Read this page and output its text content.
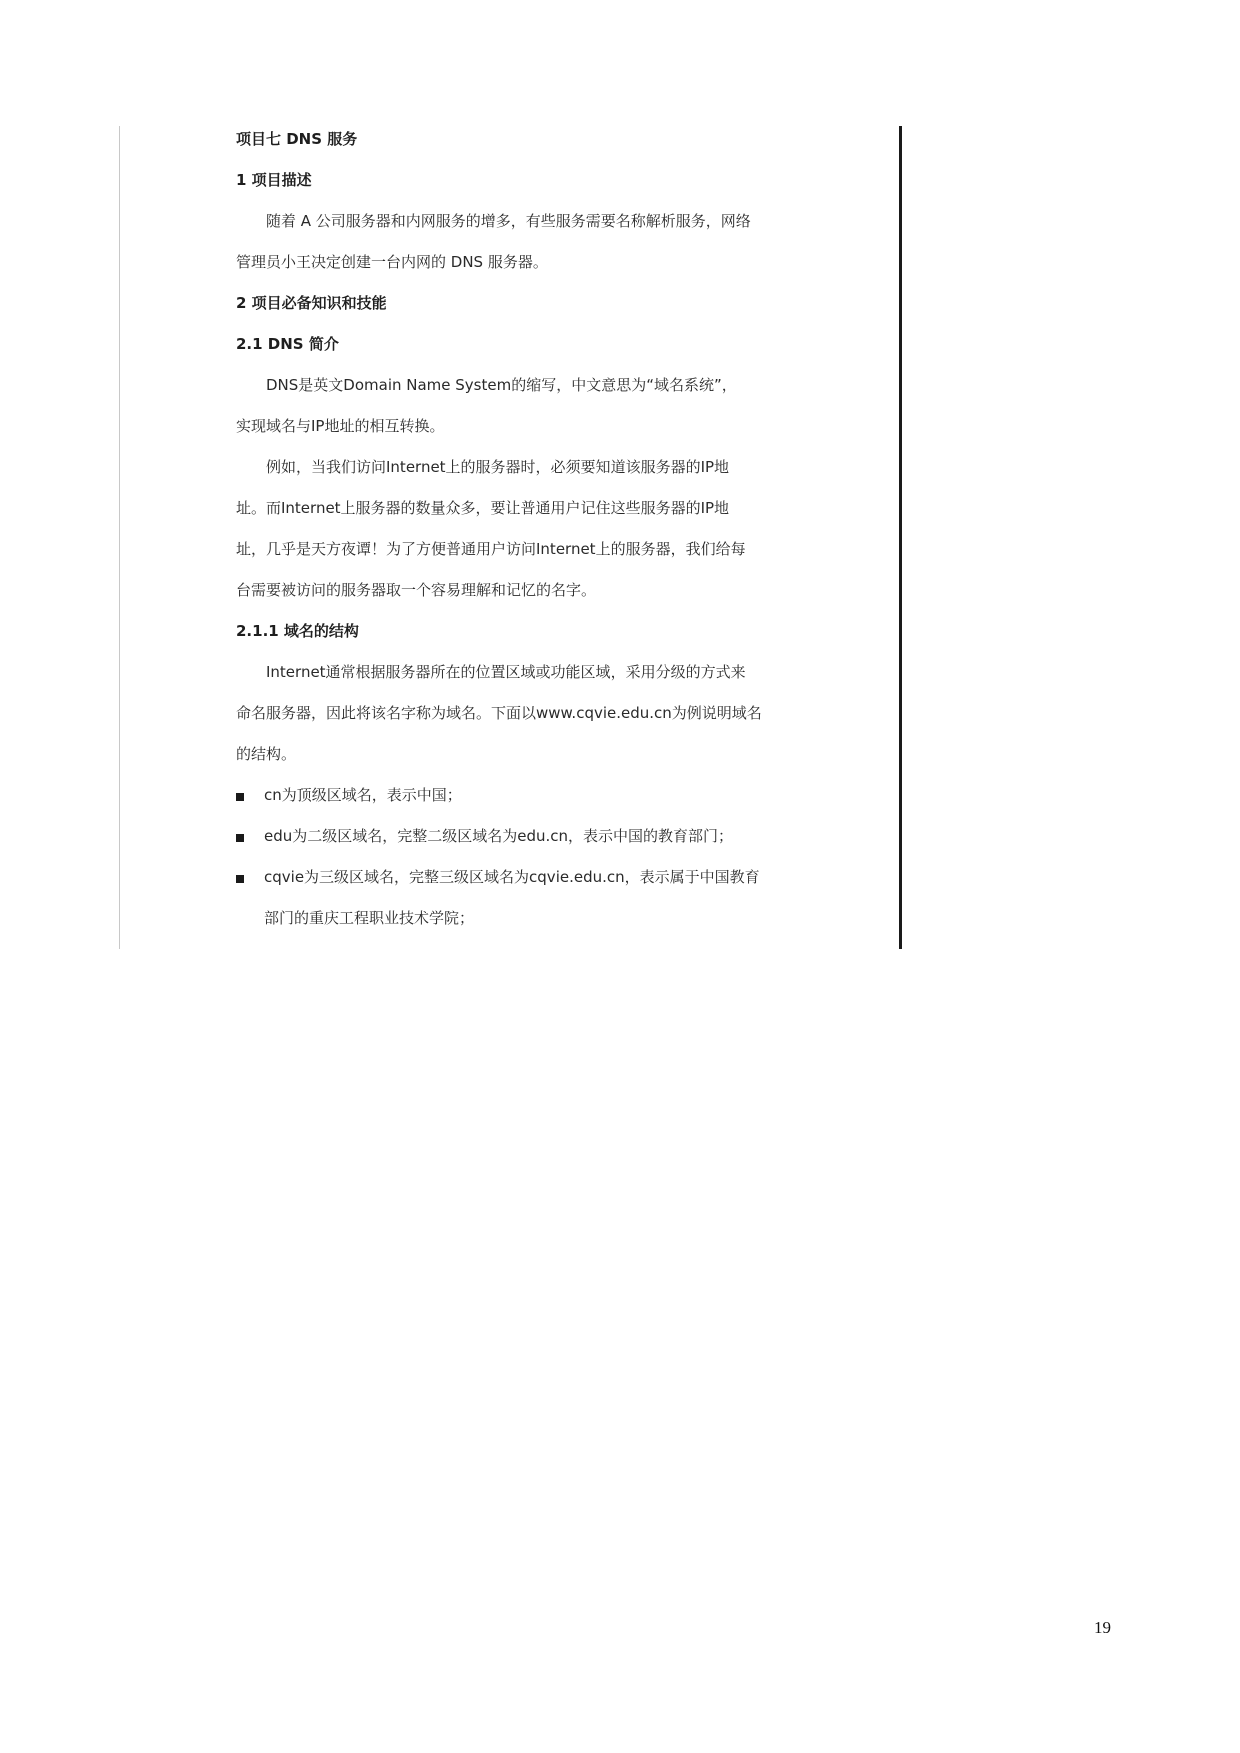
项目七 DNS 服务
1 项目描述
随着 A 公司服务器和内网服务的增多，有些服务需要名称解析服务，网络
管理员小王决定创建一台内网的 DNS 服务器。
2 项目必备知识和技能
2.1 DNS 简介
DNS是英文Domain Name System的缩写，中文意思为“域名系统”，
实现域名与IP地址的相互转换。
例如，当我们访问Internet上的服务器时，必须要知道该服务器的IP地
址。而Internet上服务器的数量众多，要让普通用户记住这些服务器的IP地
址，几乎是天方夜谭！为了方便普通用户访问Internet上的服务器，我们给每
台需要被访问的服务器取一个容易理解和记忆的名字。
2.1.1 域名的结构
Internet通常根据服务器所在的位置区域或功能区域，采用分级的方式来
命名服务器，因此将该名字称为域名。下面以www.cqvie.edu.cn为例说明域名
的结构。
cn为顶级区域名，表示中国；
edu为二级区域名，完整二级区域名为edu.cn，表示中国的教育部门；
cqvie为三级区域名，完整三级区域名为cqvie.edu.cn，表示属于中国教育
部门的重庆工程职业技术学院；
19
